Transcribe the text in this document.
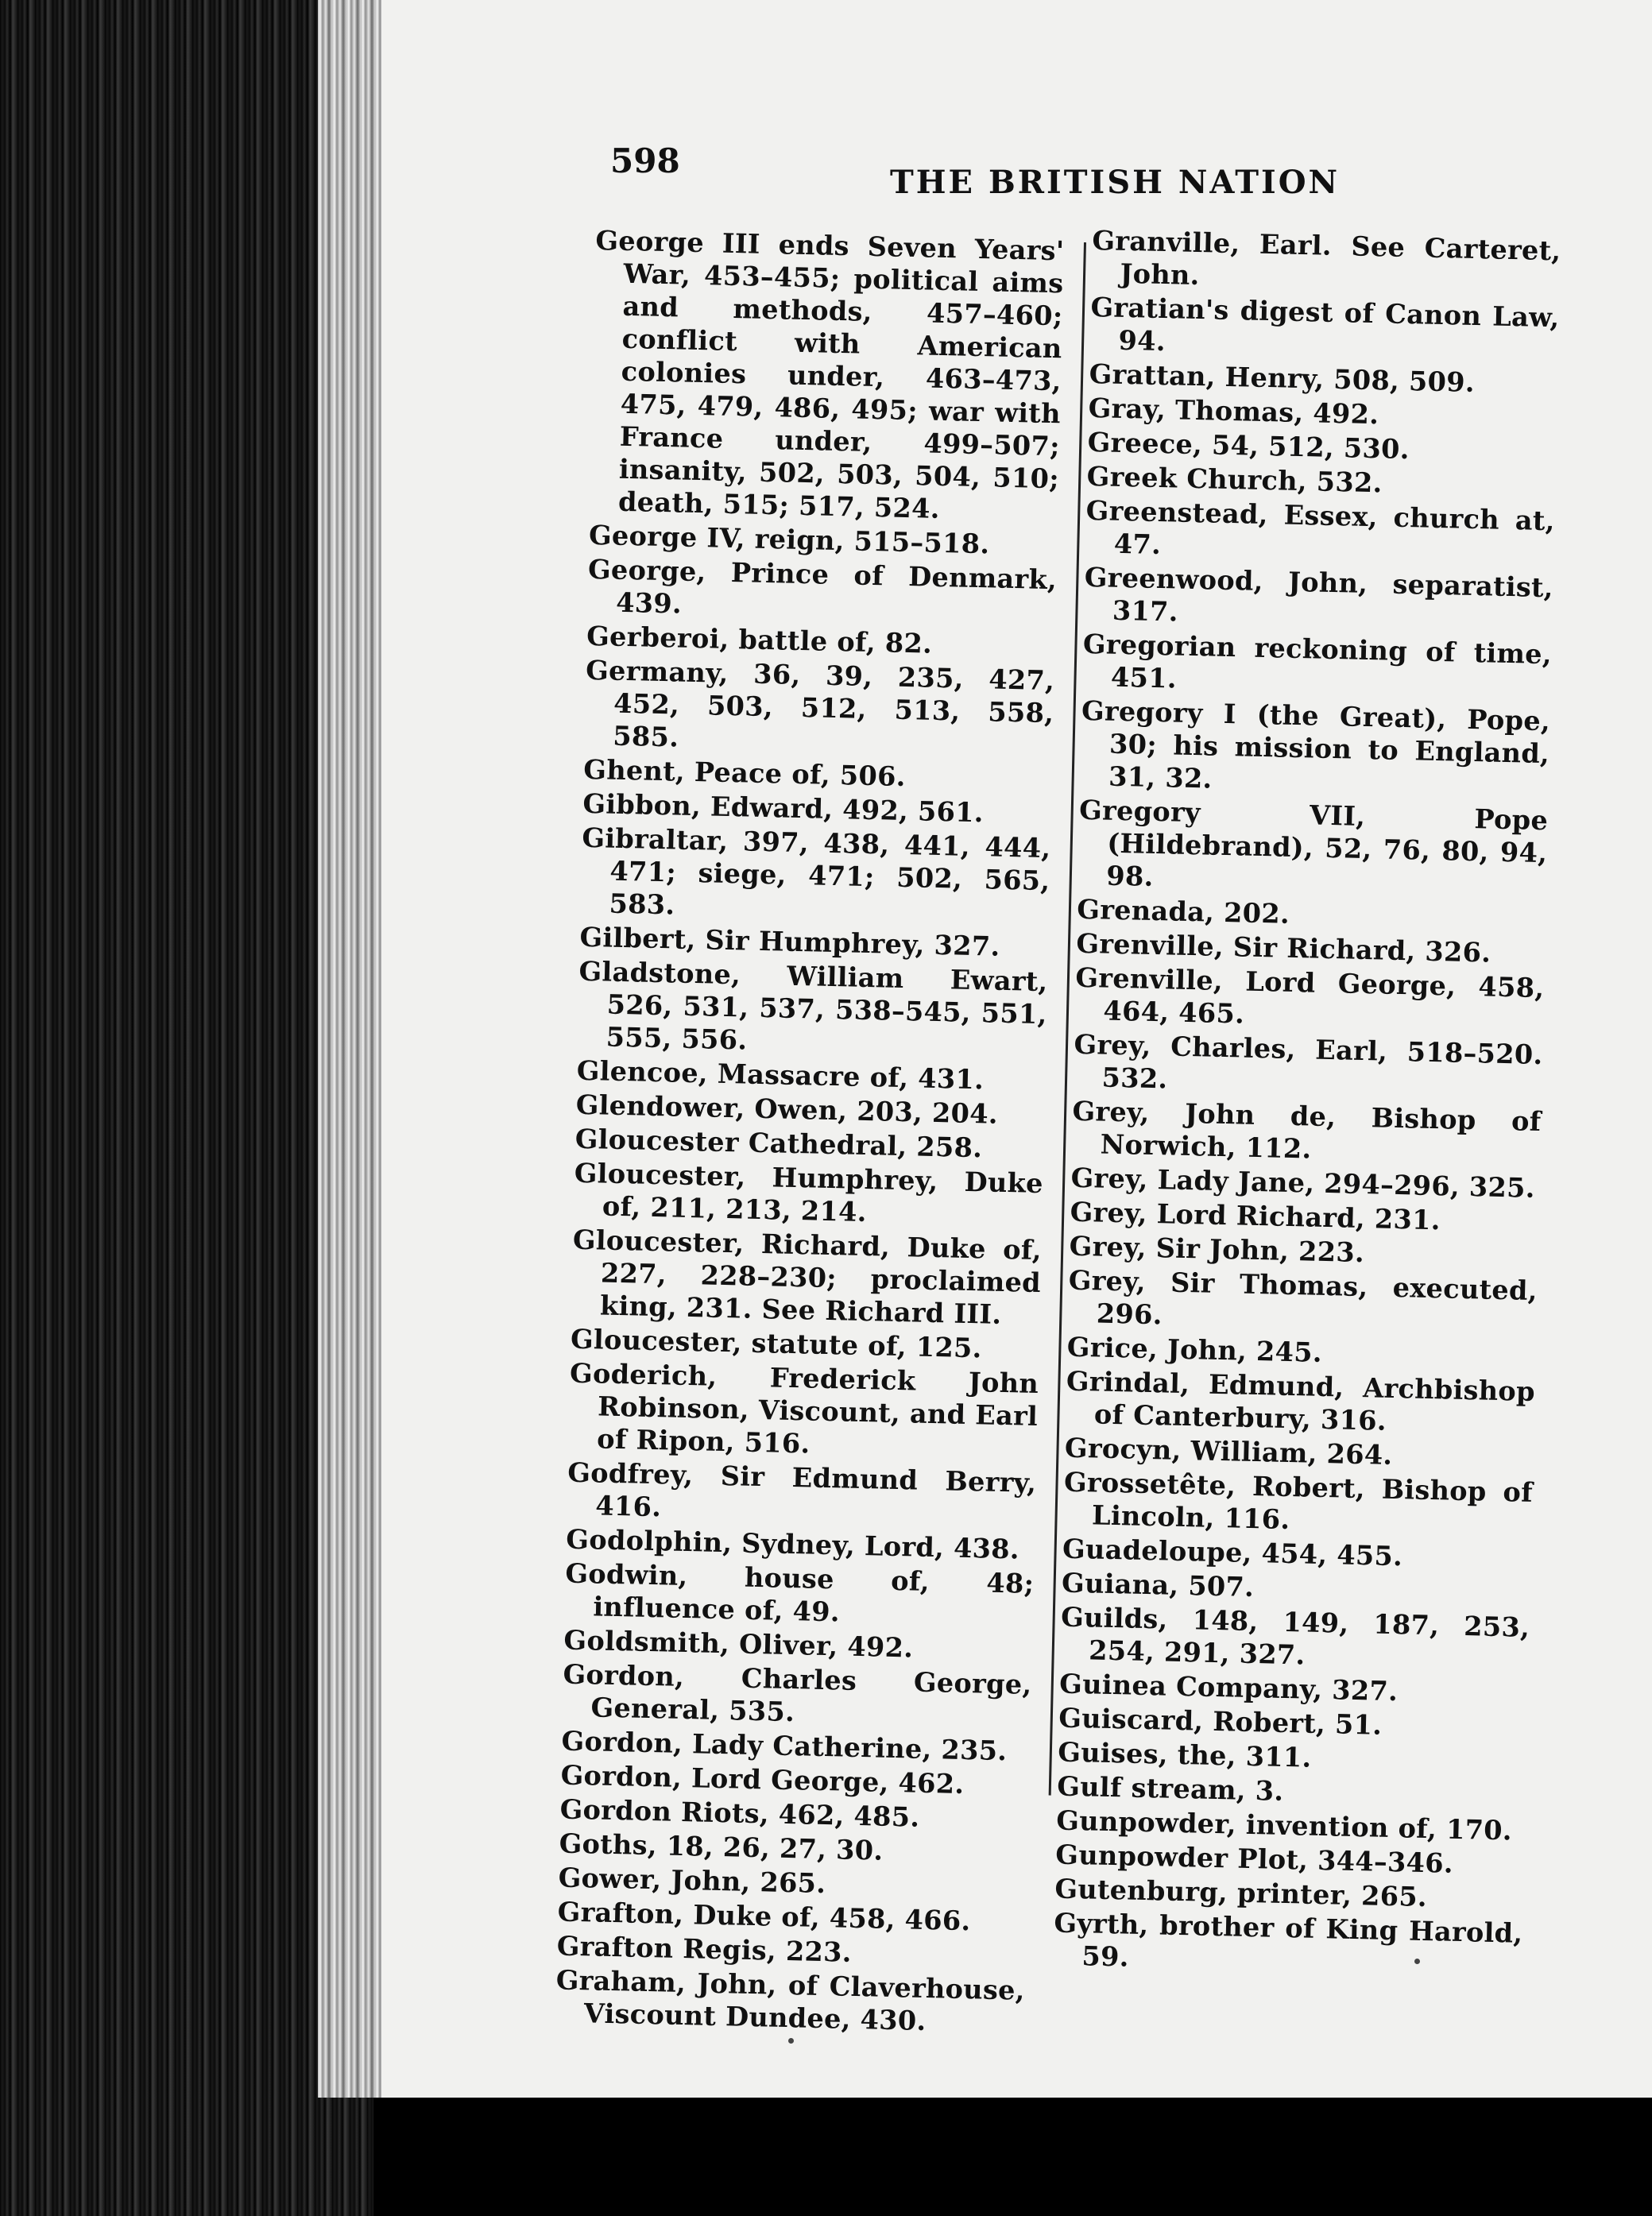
598
THE BRITISH NATION
George III ends Seven Years' War, 453–455; political aims and methods, 457–460; conflict with American colonies under, 463–473, 475, 479, 486, 495; war with France under, 499–507; insanity, 502, 503, 504, 510; death, 515; 517, 524.
George IV, reign, 515–518.
George, Prince of Denmark, 439.
Gerberoi, battle of, 82.
Germany, 36, 39, 235, 427, 452, 503, 512, 513, 558, 585.
Ghent, Peace of, 506.
Gibbon, Edward, 492, 561.
Gibraltar, 397, 438, 441, 444, 471; siege, 471; 502, 565, 583.
Gilbert, Sir Humphrey, 327.
Gladstone, William Ewart, 526, 531, 537, 538–545, 551, 555, 556.
Glencoe, Massacre of, 431.
Glendower, Owen, 203, 204.
Gloucester Cathedral, 258.
Gloucester, Humphrey, Duke of, 211, 213, 214.
Gloucester, Richard, Duke of, 227, 228–230; proclaimed king, 231. See Richard III.
Gloucester, statute of, 125.
Goderich, Frederick John Robinson, Viscount, and Earl of Ripon, 516.
Godfrey, Sir Edmund Berry, 416.
Godolphin, Sydney, Lord, 438.
Godwin, house of, 48; influence of, 49.
Goldsmith, Oliver, 492.
Gordon, Charles George, General, 535.
Gordon, Lady Catherine, 235.
Gordon, Lord George, 462.
Gordon Riots, 462, 485.
Goths, 18, 26, 27, 30.
Gower, John, 265.
Grafton, Duke of, 458, 466.
Grafton Regis, 223.
Graham, John, of Claverhouse, Viscount Dundee, 430.
Granville, Earl. See Carteret, John.
Gratian's digest of Canon Law, 94.
Grattan, Henry, 508, 509.
Gray, Thomas, 492.
Greece, 54, 512, 530.
Greek Church, 532.
Greenstead, Essex, church at, 47.
Greenwood, John, separatist, 317.
Gregorian reckoning of time, 451.
Gregory I (the Great), Pope, 30; his mission to England, 31, 32.
Gregory VII, Pope (Hildebrand), 52, 76, 80, 94, 98.
Grenada, 202.
Grenville, Sir Richard, 326.
Grenville, Lord George, 458, 464, 465.
Grey, Charles, Earl, 518–520. 532.
Grey, John de, Bishop of Norwich, 112.
Grey, Lady Jane, 294–296, 325.
Grey, Lord Richard, 231.
Grey, Sir John, 223.
Grey, Sir Thomas, executed, 296.
Grice, John, 245.
Grindal, Edmund, Archbishop of Canterbury, 316.
Grocyn, William, 264.
Grossetête, Robert, Bishop of Lincoln, 116.
Guadeloupe, 454, 455.
Guiana, 507.
Guilds, 148, 149, 187, 253, 254, 291, 327.
Guinea Company, 327.
Guiscard, Robert, 51.
Guises, the, 311.
Gulf stream, 3.
Gunpowder, invention of, 170.
Gunpowder Plot, 344–346.
Gutenburg, printer, 265.
Gyrth, brother of King Harold, 59.
